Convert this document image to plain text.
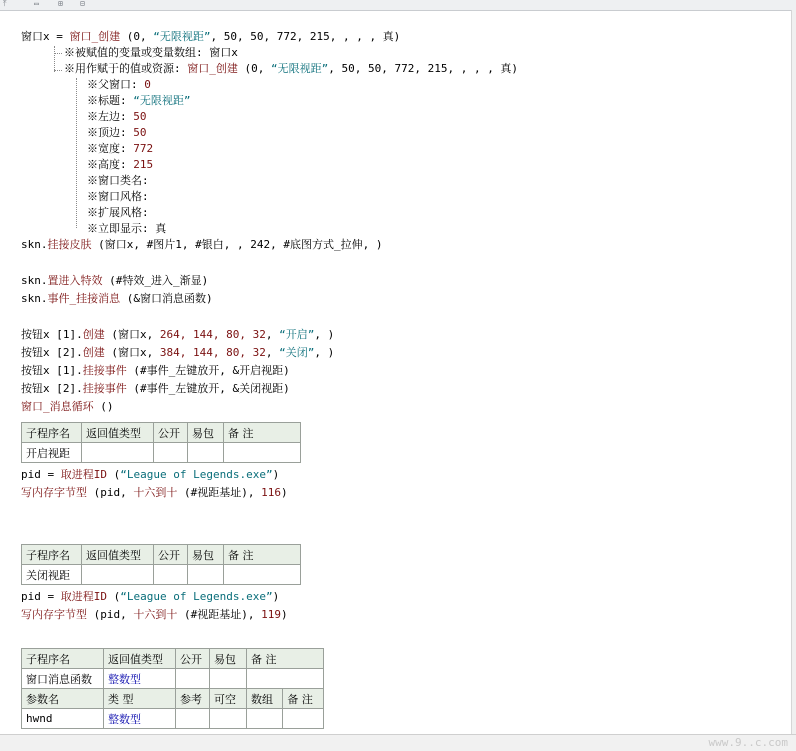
⤒	▭ ⊞ ⊟
窗口x = 窗口_创建 (0, “无限视距”, 50, 50, 772, 215, , , , 真)
※被赋值的变量或变量数组: 窗口x
※用作赋于的值或资源: 窗口_创建 (0, “无限视距”, 50, 50, 772, 215, , , , 真)
※父窗口: 0
※标题: “无限视距”
※左边: 50
※顶边: 50
※宽度: 772
※高度: 215
※窗口类名:
※窗口风格:
※扩展风格:
※立即显示: 真
skn.挂接皮肤 (窗口x, #图片1, #银白, , 242, #底图方式_拉伸, )
skn.置进入特效 (#特效_进入_渐显)
skn.事件_挂接消息 (&窗口消息函数)
按钮x [1].创建 (窗口x, 264, 144, 80, 32, “开启”, )
按钮x [2].创建 (窗口x, 384, 144, 80, 32, “关闭”, )
按钮x [1].挂接事件 (#事件_左键放开, &开启视距)
按钮x [2].挂接事件 (#事件_左键放开, &关闭视距)
窗口_消息循环 ()
子程序名	返回值类型	公开	易包	备 注
开启视距				
pid = 取进程ID (“League of Legends.exe”)
写内存字节型 (pid, 十六到十 (#视距基址), 116)
子程序名	返回值类型	公开	易包	备 注
关闭视距				
pid = 取进程ID (“League of Legends.exe”)
写内存字节型 (pid, 十六到十 (#视距基址), 119)
子程序名	返回值类型	公开	易包	备 注	
窗口消息函数	整数型				
参数名	类 型	参考	可空	数组	备 注
hwnd	整数型				
www.9..c.com
